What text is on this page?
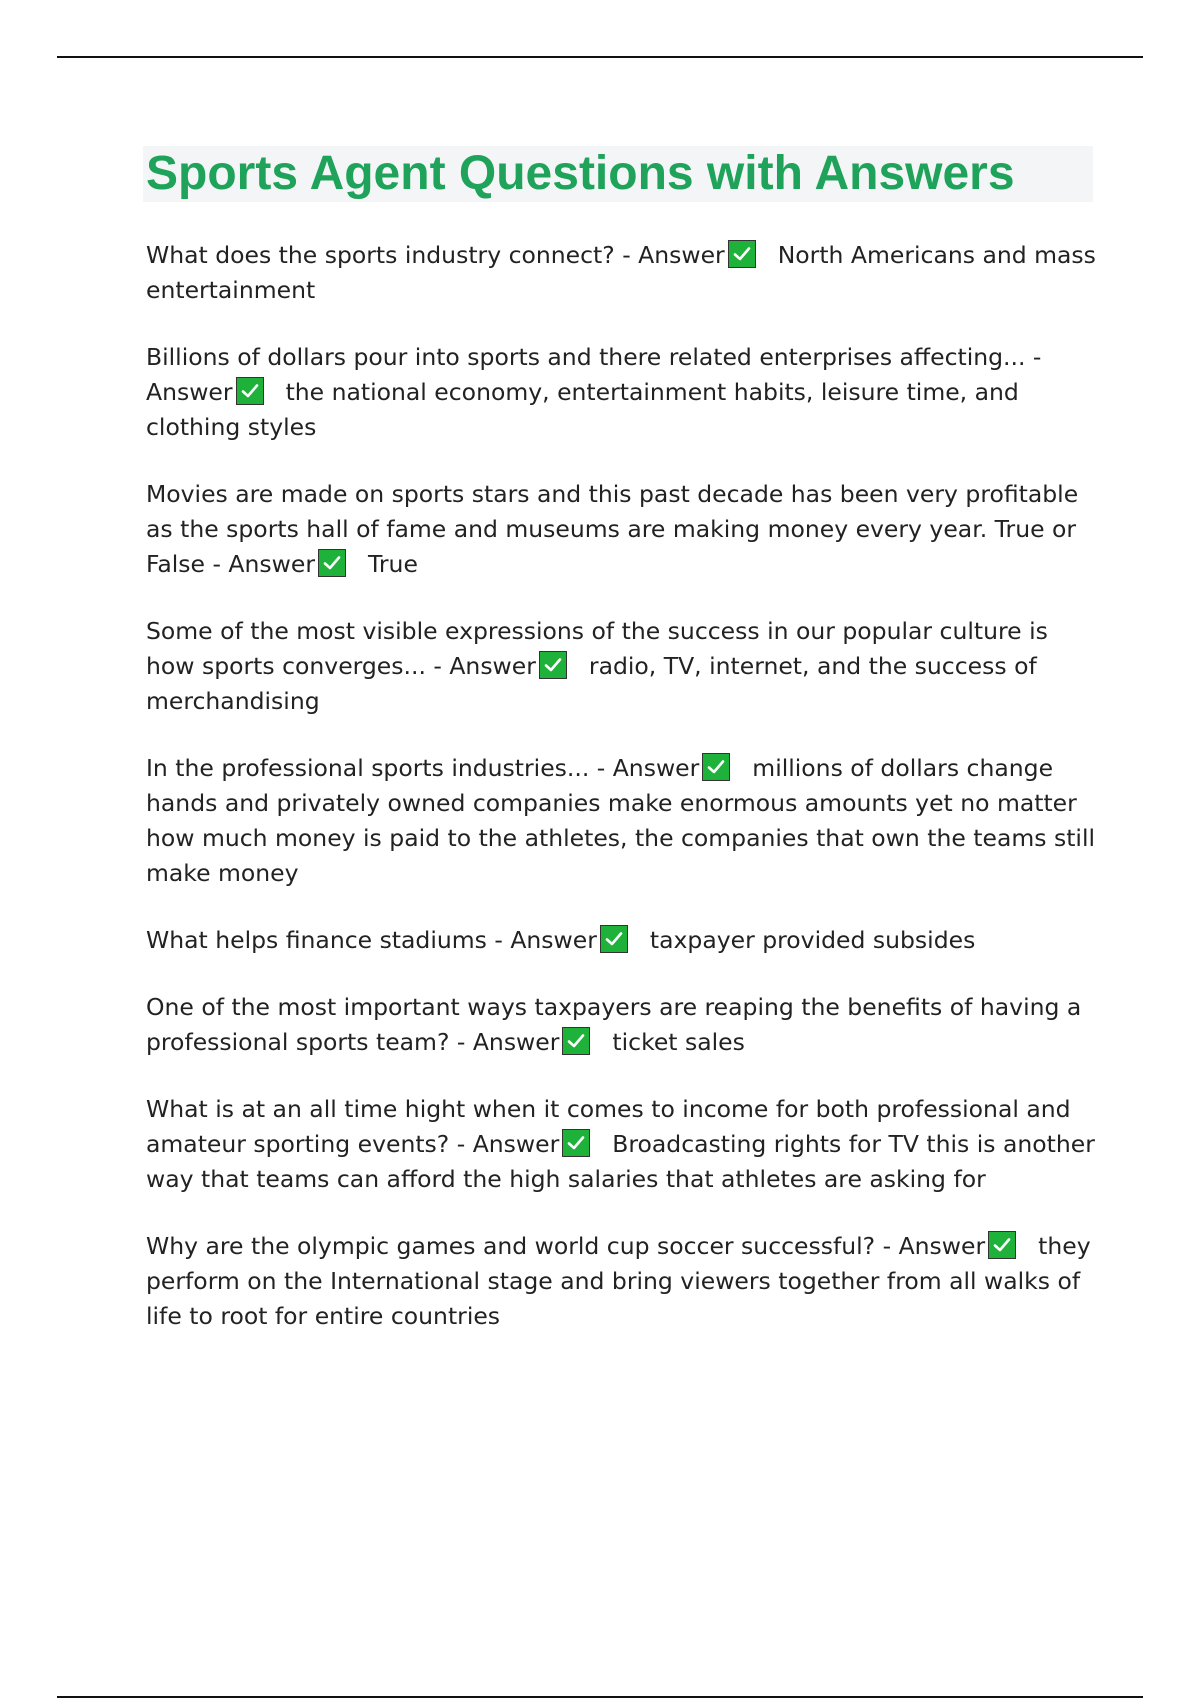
Sports Agent Questions with Answers

What does the sports industry connect? - Answer North Americans and mass entertainment

Billions of dollars pour into sports and there related enterprises affecting... - Answer the national economy, entertainment habits, leisure time, and clothing styles

Movies are made on sports stars and this past decade has been very profitable as the sports hall of fame and museums are making money every year. True or False - Answer True

Some of the most visible expressions of the success in our popular culture is how sports converges... - Answer radio, TV, internet, and the success of merchandising

In the professional sports industries... - Answer millions of dollars change hands and privately owned companies make enormous amounts yet no matter how much money is paid to the athletes, the companies that own the teams still make money

What helps finance stadiums - Answer taxpayer provided subsides

One of the most important ways taxpayers are reaping the benefits of having a professional sports team? - Answer ticket sales

What is at an all time hight when it comes to income for both professional and amateur sporting events? - Answer Broadcasting rights for TV this is another way that teams can afford the high salaries that athletes are asking for

Why are the olympic games and world cup soccer successful? - Answer they perform on the International stage and bring viewers together from all walks of life to root for entire countries
